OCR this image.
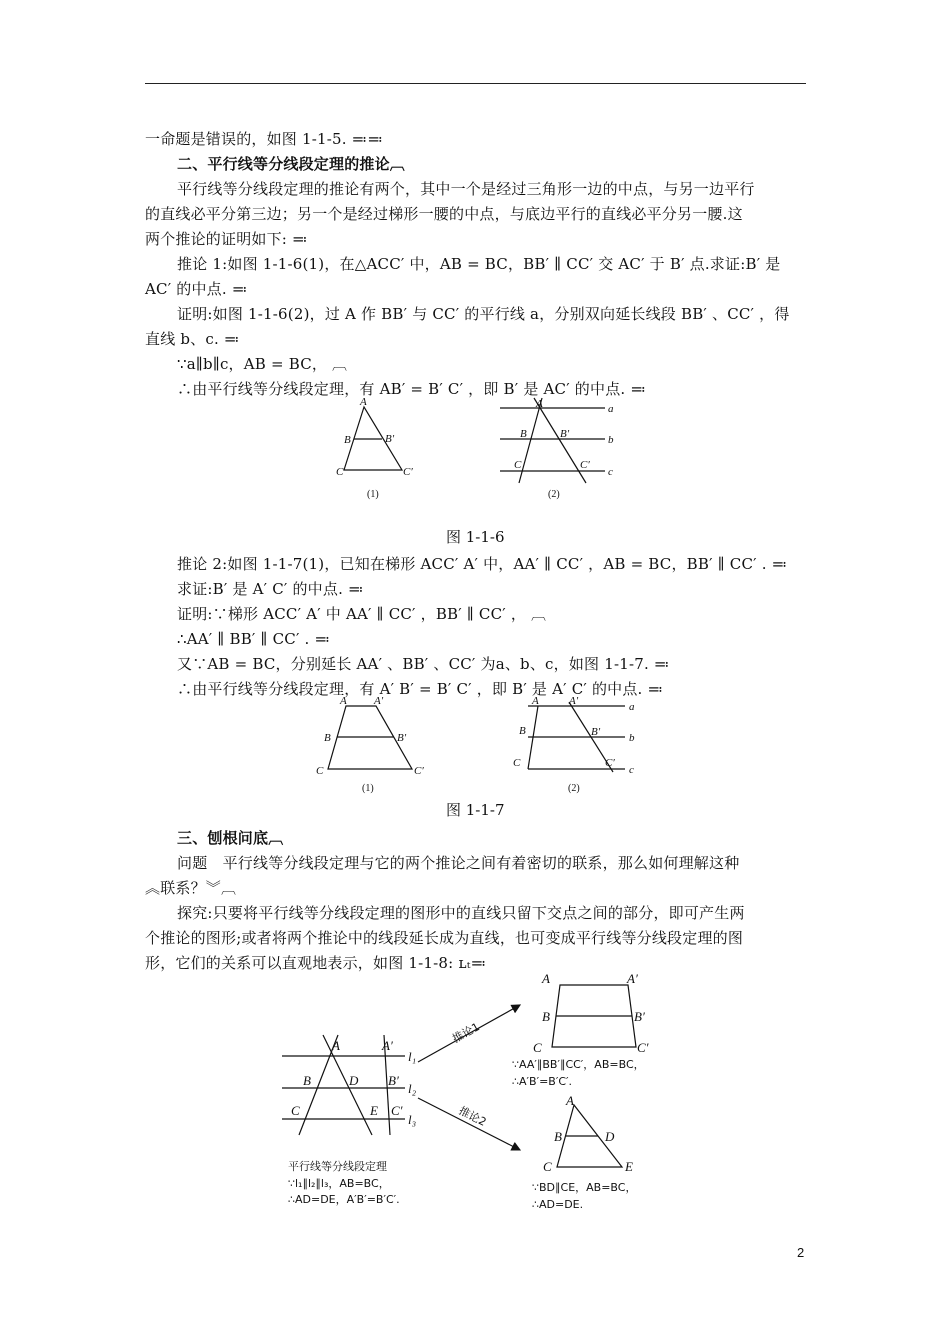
一命题是错误的，如图 1-1-5. ≕≕
二、平行线等分线段定理的推论︹
平行线等分线段定理的推论有两个，其中一个是经过三角形一边的中点，与另一边平行
的直线必平分第三边；另一个是经过梯形一腰的中点，与底边平行的直线必平分另一腰.这
两个推论的证明如下: ≕
推论 1:如图 1-1-6(1)，在△ACC′ 中，AB = BC，BB′ ∥ CC′ 交 AC′ 于 B′ 点.求证:B′ 是
AC′ 的中点. ≕
证明:如图 1-1-6(2)，过 A 作 BB′ 与 CC′ 的平行线 a，分别双向延长线段 BB′ 、CC′ ，得
直线 b、c. ≕
∵a∥b∥c，AB = BC， ︹
∴由平行线等分线段定理，有 AB′ = B′ C′ ，即 B′ 是 AC′ 的中点. ≕
推论 2:如图 1-1-7(1)，已知在梯形 ACC′ A′ 中，AA′ ∥ CC′ ，AB = BC，BB′ ∥ CC′ . ≕
求证:B′ 是 A′ C′ 的中点. ≕
证明:∵梯形 ACC′ A′ 中 AA′ ∥ CC′ ，BB′ ∥ CC′ ， ︹
∴AA′ ∥ BB′ ∥ CC′ . ≕
又∵AB = BC，分别延长 AA′ 、BB′ 、CC′ 为a、b、c，如图 1-1-7. ≕
∴由平行线等分线段定理，有 A′ B′ = B′ C′ ，即 B′ 是 A′ C′ 的中点. ≕
三、刨根问底︹
问题　平行线等分线段定理与它的两个推论之间有着密切的联系，那么如何理解这种
︽联系？︾︹
探究:只要将平行线等分线段定理的图形中的直线只留下交点之间的部分，即可产生两
个推论的图形;或者将两个推论中的线段延长成为直线，也可变成平行线等分线段定理的图
形，它们的关系可以直观地表示，如图 1-1-8: ʟₜ≕
A
B	B′
C	C′
(1)
A
B	B′
C	C′
a
b
c
(2)
图 1-1-6
A A′
B	B′
C	C′
(1)
A	A′
B	B′
C	C′
a
b
c
(2)
图 1-1-7
A	A′
l₁
B	D B′
l₂
C	E C′
l₃
平行线等分线段定理
∵l₁∥l₂∥l₃，AB=BC，
∴AD=DE，A′B′=B′C′.
推论1
推论2
A	A′
B	B′
C	C′
∵AA′∥BB′∥CC′，AB=BC，
∴A′B′=B′C′.
A
B	D
C	E
∵BD∥CE，AB=BC，
∴AD=DE.
2
